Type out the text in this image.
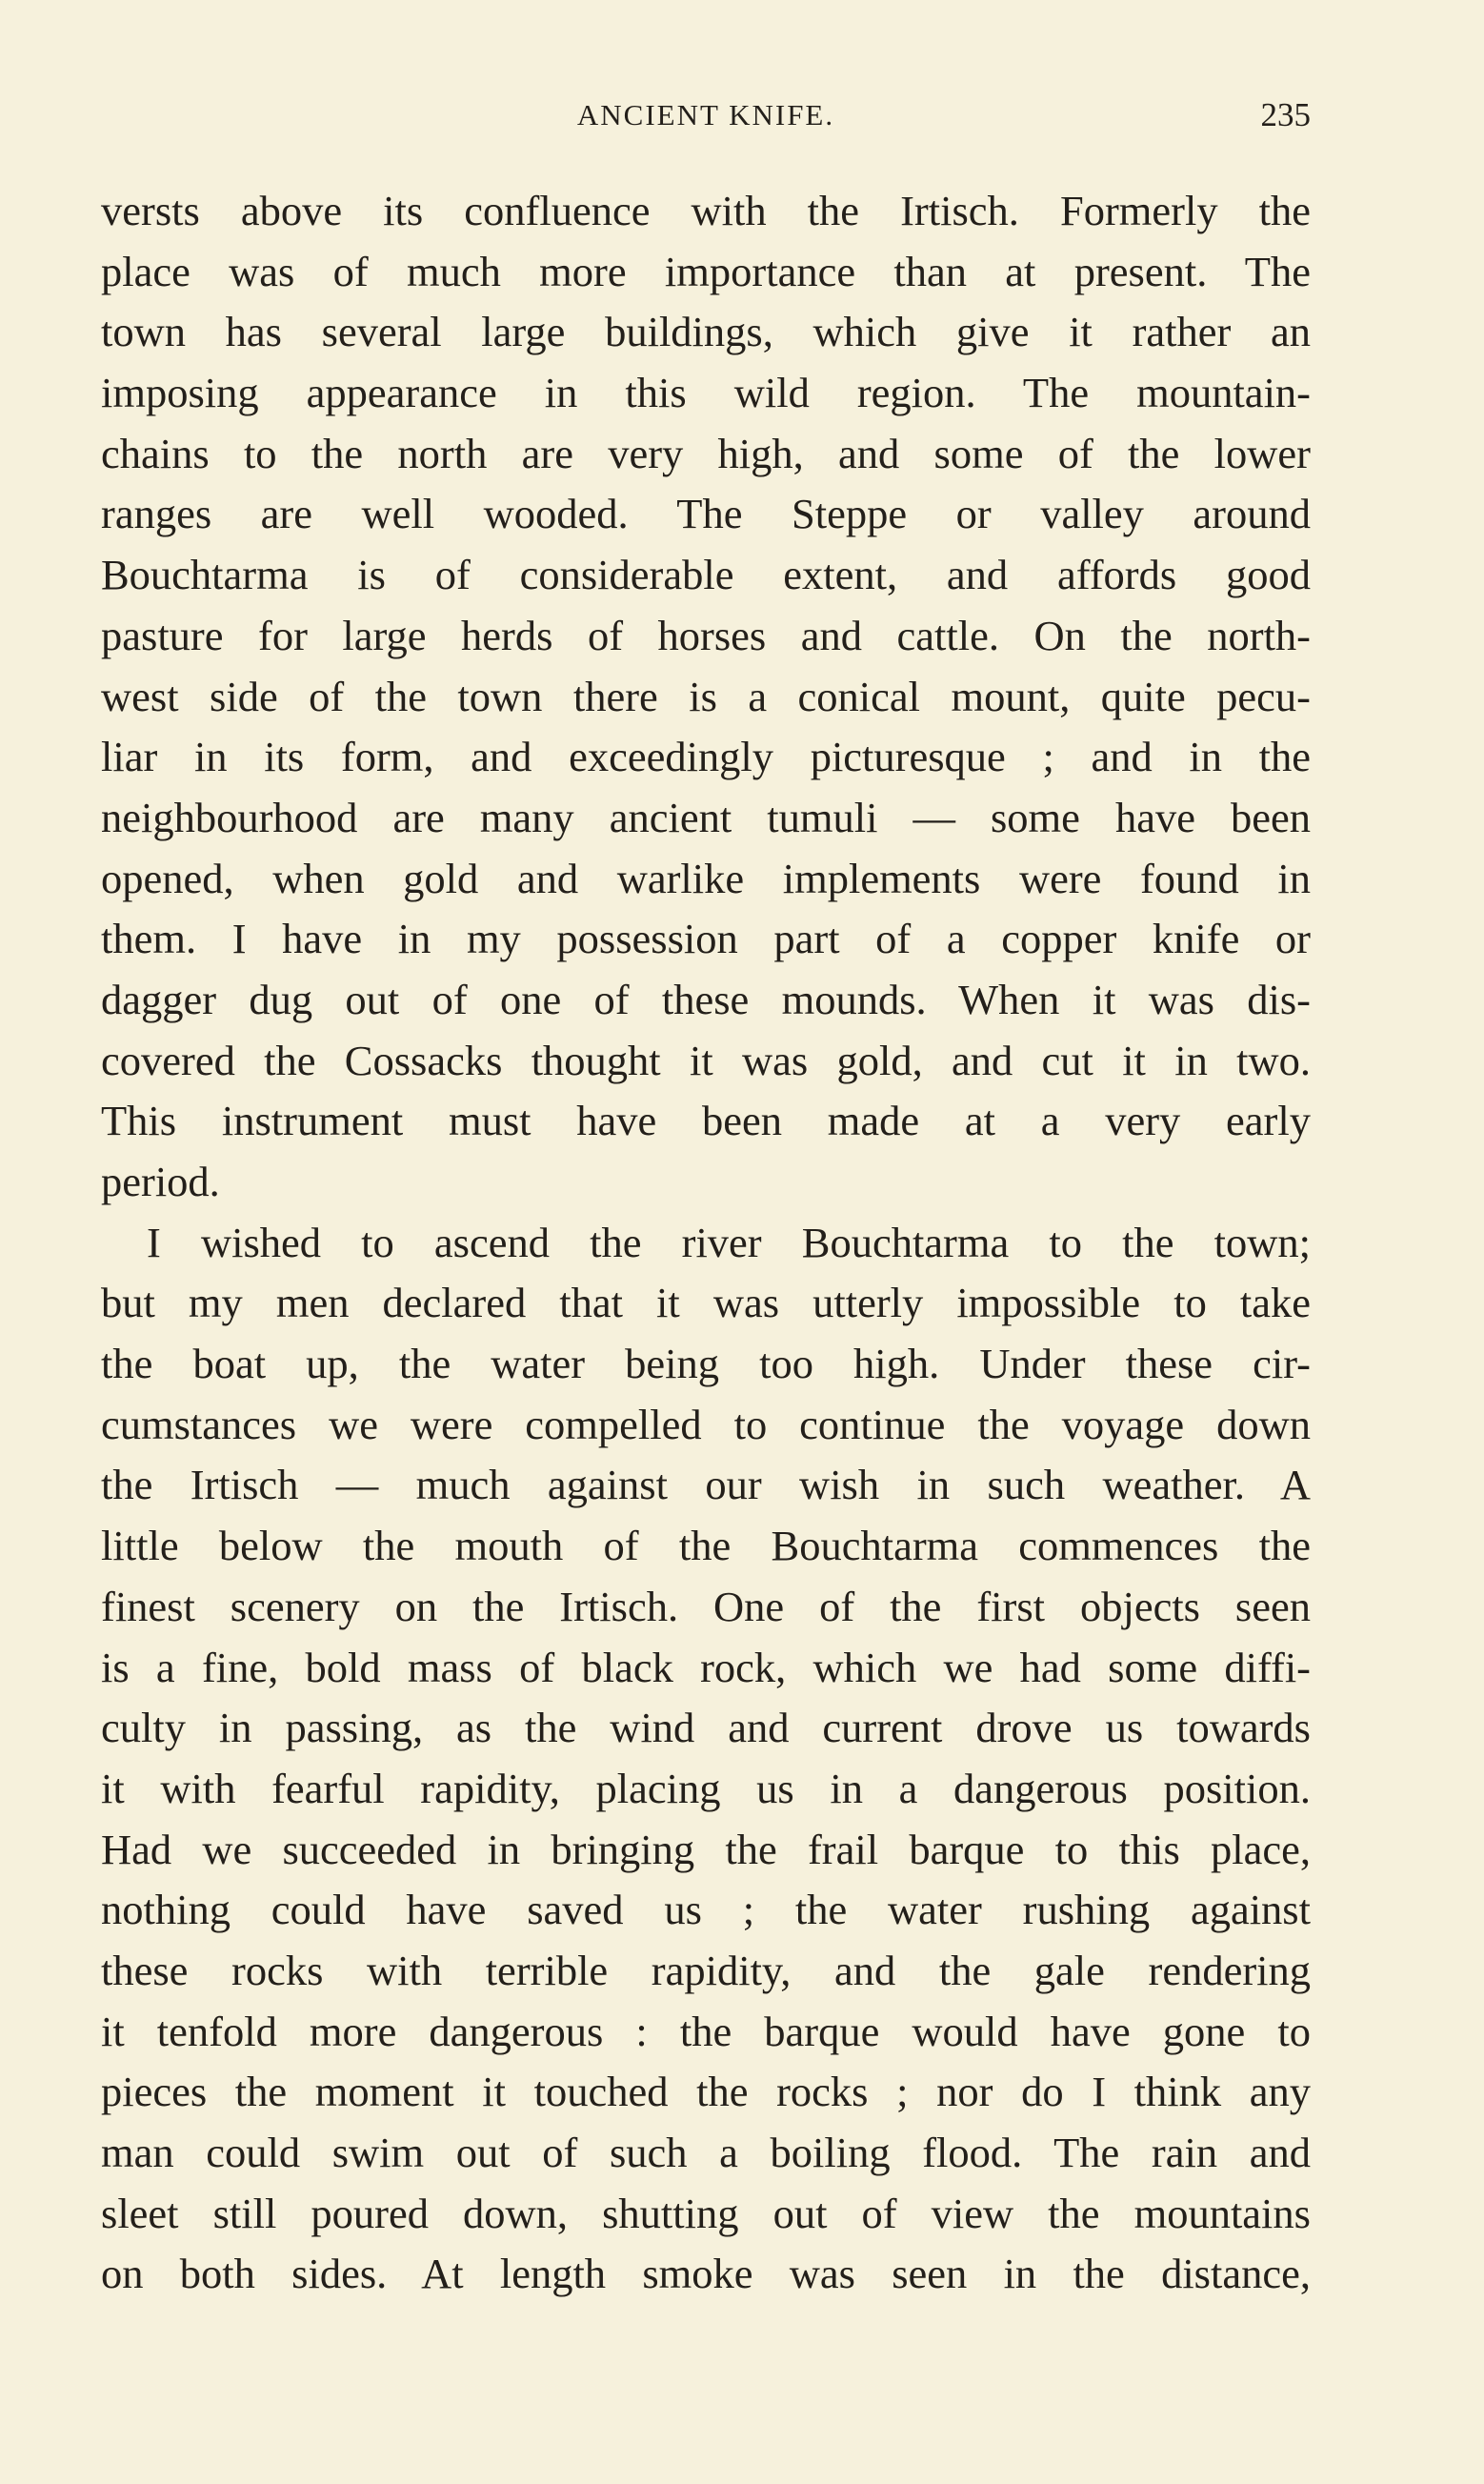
ANCIENT KNIFE.	235
versts above its confluence with the Irtisch. Formerly the
place was of much more importance than at present. The
town has several large buildings, which give it rather an
imposing appearance in this wild region. The mountain-
chains to the north are very high, and some of the lower
ranges are well wooded. The Steppe or valley around
Bouchtarma is of considerable extent, and affords good
pasture for large herds of horses and cattle. On the north-
west side of the town there is a conical mount, quite pecu-
liar in its form, and exceedingly picturesque ; and in the
neighbourhood are many ancient tumuli — some have been
opened, when gold and warlike implements were found in
them. I have in my possession part of a copper knife or
dagger dug out of one of these mounds. When it was dis-
covered the Cossacks thought it was gold, and cut it in two.
This instrument must have been made at a very early
period.
I wished to ascend the river Bouchtarma to the town;
but my men declared that it was utterly impossible to take
the boat up, the water being too high. Under these cir-
cumstances we were compelled to continue the voyage down
the Irtisch — much against our wish in such weather. A
little below the mouth of the Bouchtarma commences the
finest scenery on the Irtisch. One of the first objects seen
is a fine, bold mass of black rock, which we had some diffi-
culty in passing, as the wind and current drove us towards
it with fearful rapidity, placing us in a dangerous position.
Had we succeeded in bringing the frail barque to this place,
nothing could have saved us ; the water rushing against
these rocks with terrible rapidity, and the gale rendering
it tenfold more dangerous : the barque would have gone to
pieces the moment it touched the rocks ; nor do I think any
man could swim out of such a boiling flood. The rain and
sleet still poured down, shutting out of view the mountains
on both sides. At length smoke was seen in the distance,
